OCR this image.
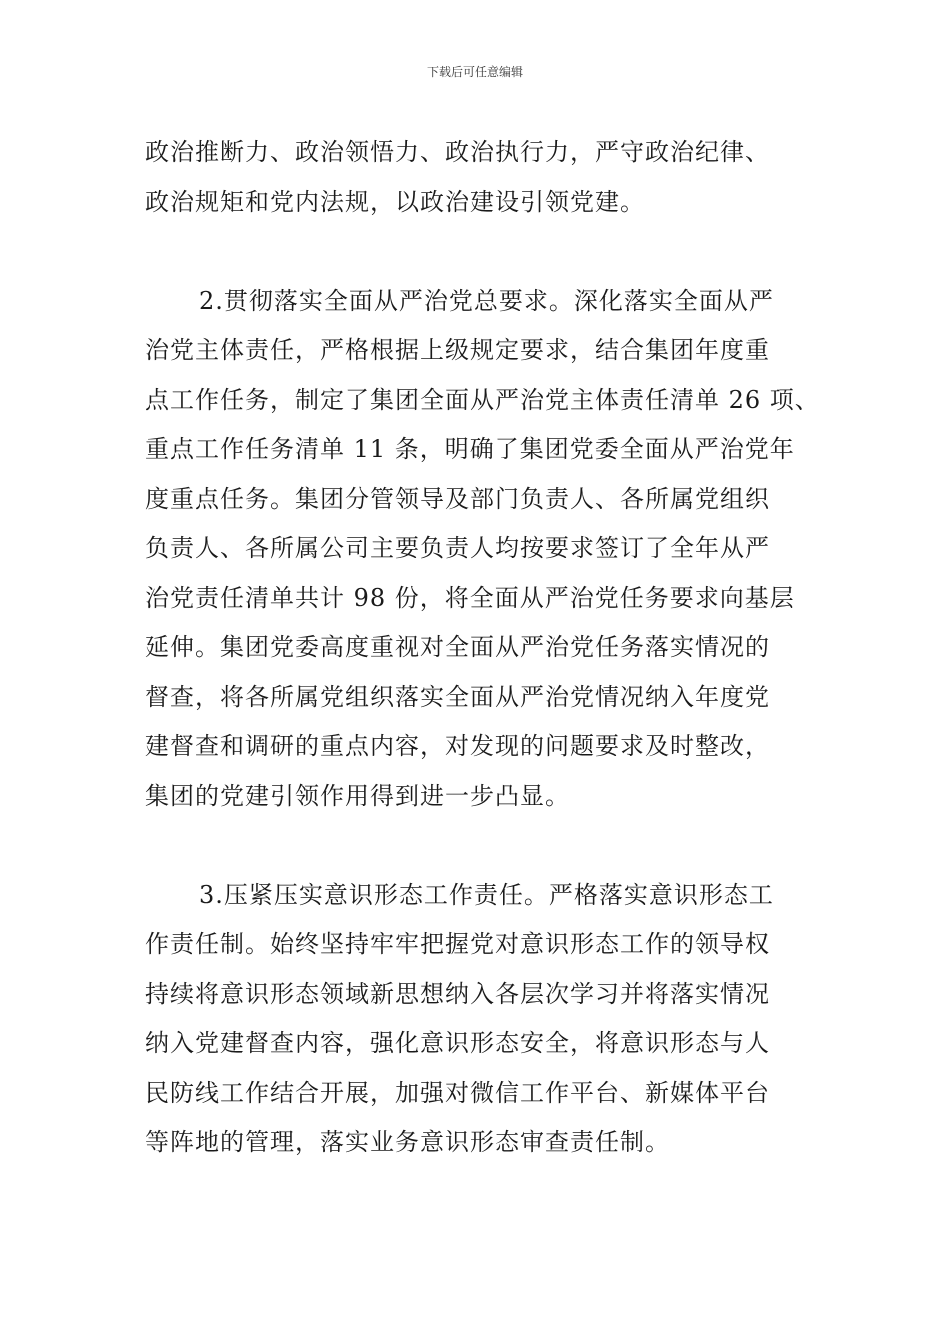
下载后可任意编辑
政治推断力、政治领悟力、政治执行力，严守政治纪律、
政治规矩和党内法规，以政治建设引领党建。
2.贯彻落实全面从严治党总要求。深化落实全面从严
治党主体责任，严格根据上级规定要求，结合集团年度重
点工作任务，制定了集团全面从严治党主体责任清单 26 项、
重点工作任务清单 11 条，明确了集团党委全面从严治党年
度重点任务。集团分管领导及部门负责人、各所属党组织
负责人、各所属公司主要负责人均按要求签订了全年从严
治党责任清单共计 98 份，将全面从严治党任务要求向基层
延伸。集团党委高度重视对全面从严治党任务落实情况的
督查，将各所属党组织落实全面从严治党情况纳入年度党
建督查和调研的重点内容，对发现的问题要求及时整改，
集团的党建引领作用得到进一步凸显。
3.压紧压实意识形态工作责任。严格落实意识形态工
作责任制。始终坚持牢牢把握党对意识形态工作的领导权
持续将意识形态领域新思想纳入各层次学习并将落实情况
纳入党建督查内容，强化意识形态安全，将意识形态与人
民防线工作结合开展，加强对微信工作平台、新媒体平台
等阵地的管理，落实业务意识形态审查责任制。
